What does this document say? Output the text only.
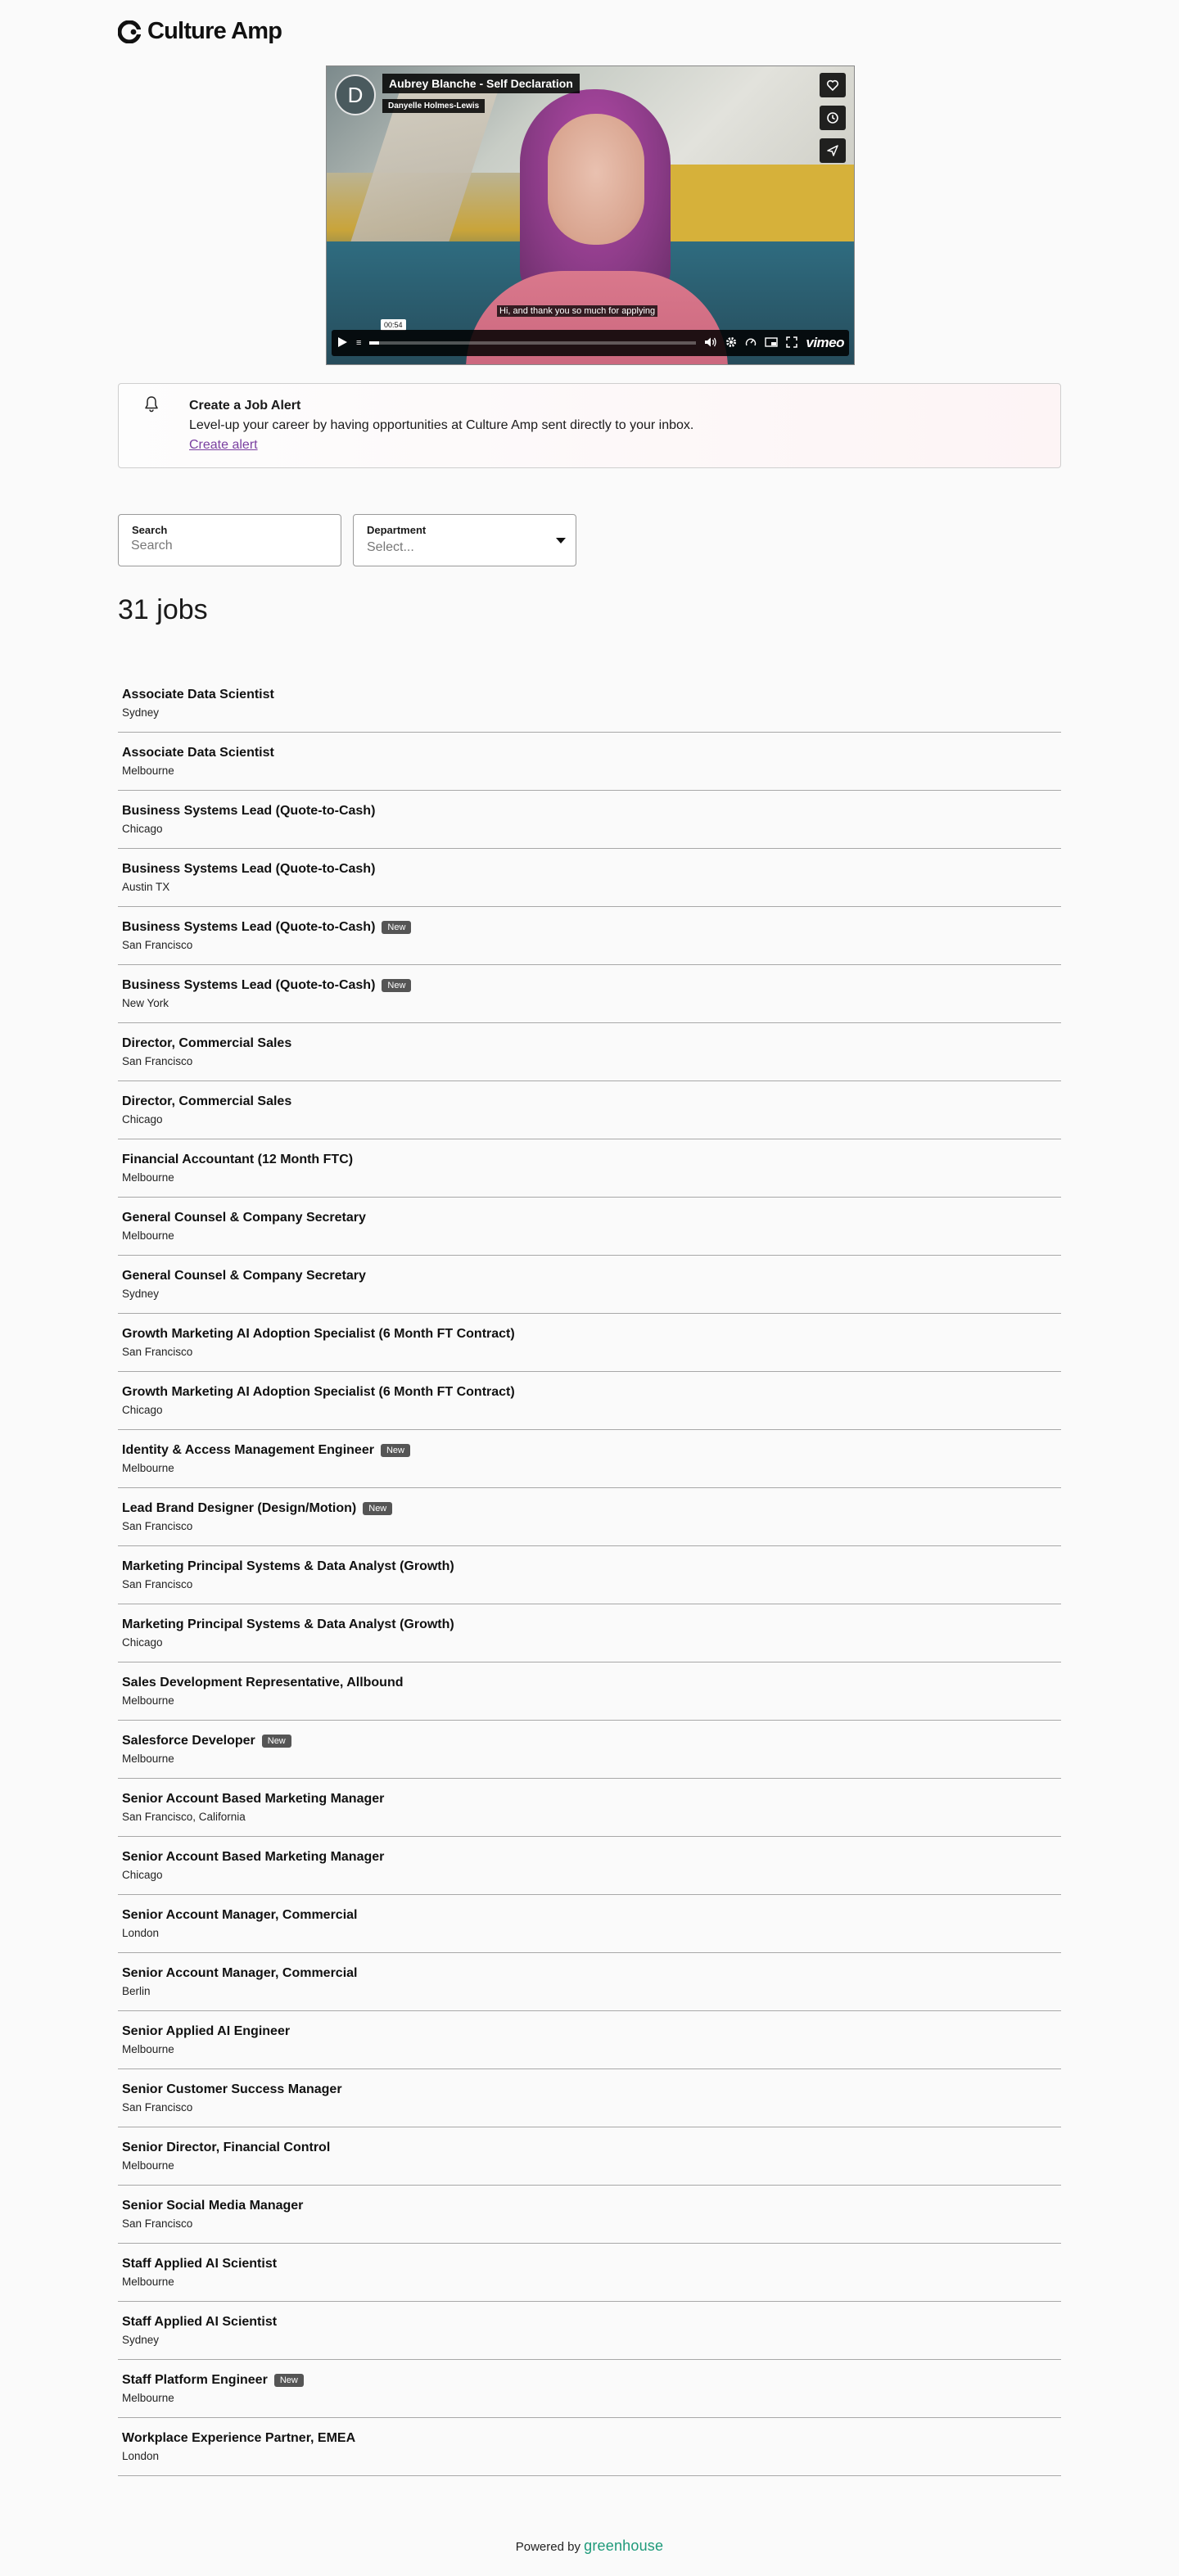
Culture Amp
D	Aubrey Blanche - Self Declaration
Danyelle Holmes-Lewis
Hi, and thank you so much for applying
00:54
≡	vimeo
Create a Job Alert
Level-up your career by having opportunities at Culture Amp sent directly to your inbox.
Create alert
Search
Search	Department
Select...
31 jobs
Associate Data Scientist
Sydney
Associate Data Scientist
Melbourne
Business Systems Lead (Quote-to-Cash)
Chicago
Business Systems Lead (Quote-to-Cash)
Austin TX
Business Systems Lead (Quote-to-Cash)	New
San Francisco
Business Systems Lead (Quote-to-Cash)	New
New York
Director, Commercial Sales
San Francisco
Director, Commercial Sales
Chicago
Financial Accountant (12 Month FTC)
Melbourne
General Counsel & Company Secretary
Melbourne
General Counsel & Company Secretary
Sydney
Growth Marketing AI Adoption Specialist (6 Month FT Contract)
San Francisco
Growth Marketing AI Adoption Specialist (6 Month FT Contract)
Chicago
Identity & Access Management Engineer	New
Melbourne
Lead Brand Designer (Design/Motion)	New
San Francisco
Marketing Principal Systems & Data Analyst (Growth)
San Francisco
Marketing Principal Systems & Data Analyst (Growth)
Chicago
Sales Development Representative, Allbound
Melbourne
Salesforce Developer	New
Melbourne
Senior Account Based Marketing Manager
San Francisco, California
Senior Account Based Marketing Manager
Chicago
Senior Account Manager, Commercial
London
Senior Account Manager, Commercial
Berlin
Senior Applied AI Engineer
Melbourne
Senior Customer Success Manager
San Francisco
Senior Director, Financial Control
Melbourne
Senior Social Media Manager
San Francisco
Staff Applied AI Scientist
Melbourne
Staff Applied AI Scientist
Sydney
Staff Platform Engineer	New
Melbourne
Workplace Experience Partner, EMEA
London
Powered by greenhouse
